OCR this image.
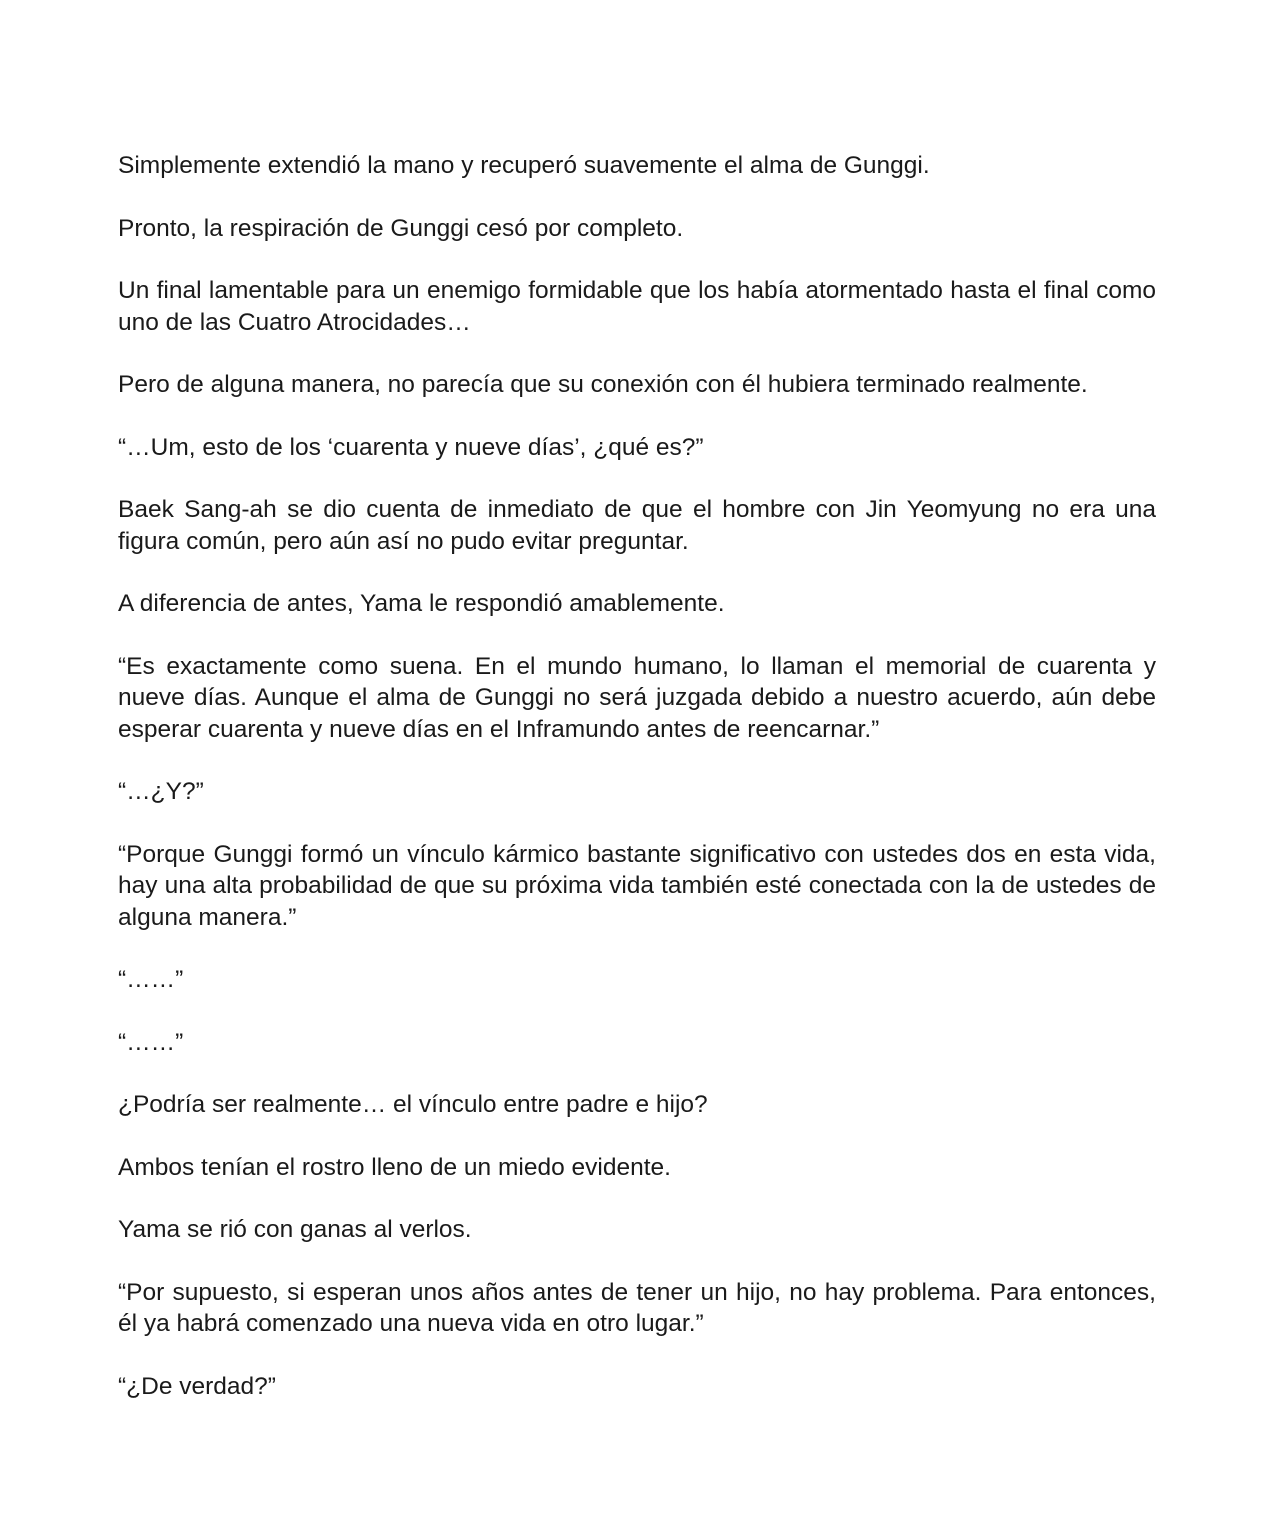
Simplemente extendió la mano y recuperó suavemente el alma de Gunggi.

Pronto, la respiración de Gunggi cesó por completo.

Un final lamentable para un enemigo formidable que los había atormentado hasta el final como uno de las Cuatro Atrocidades…

Pero de alguna manera, no parecía que su conexión con él hubiera terminado realmente.

“…Um, esto de los ‘cuarenta y nueve días’, ¿qué es?”

Baek Sang-ah se dio cuenta de inmediato de que el hombre con Jin Yeomyung no era una figura común, pero aún así no pudo evitar preguntar.

A diferencia de antes, Yama le respondió amablemente.

“Es exactamente como suena. En el mundo humano, lo llaman el memorial de cuarenta y nueve días. Aunque el alma de Gunggi no será juzgada debido a nuestro acuerdo, aún debe esperar cuarenta y nueve días en el Inframundo antes de reencarnar.”

“…¿Y?”

“Porque Gunggi formó un vínculo kármico bastante significativo con ustedes dos en esta vida, hay una alta probabilidad de que su próxima vida también esté conectada con la de ustedes de alguna manera.”

“……”

“……”

¿Podría ser realmente… el vínculo entre padre e hijo?

Ambos tenían el rostro lleno de un miedo evidente.

Yama se rió con ganas al verlos.

“Por supuesto, si esperan unos años antes de tener un hijo, no hay problema. Para entonces, él ya habrá comenzado una nueva vida en otro lugar.”

“¿De verdad?”
